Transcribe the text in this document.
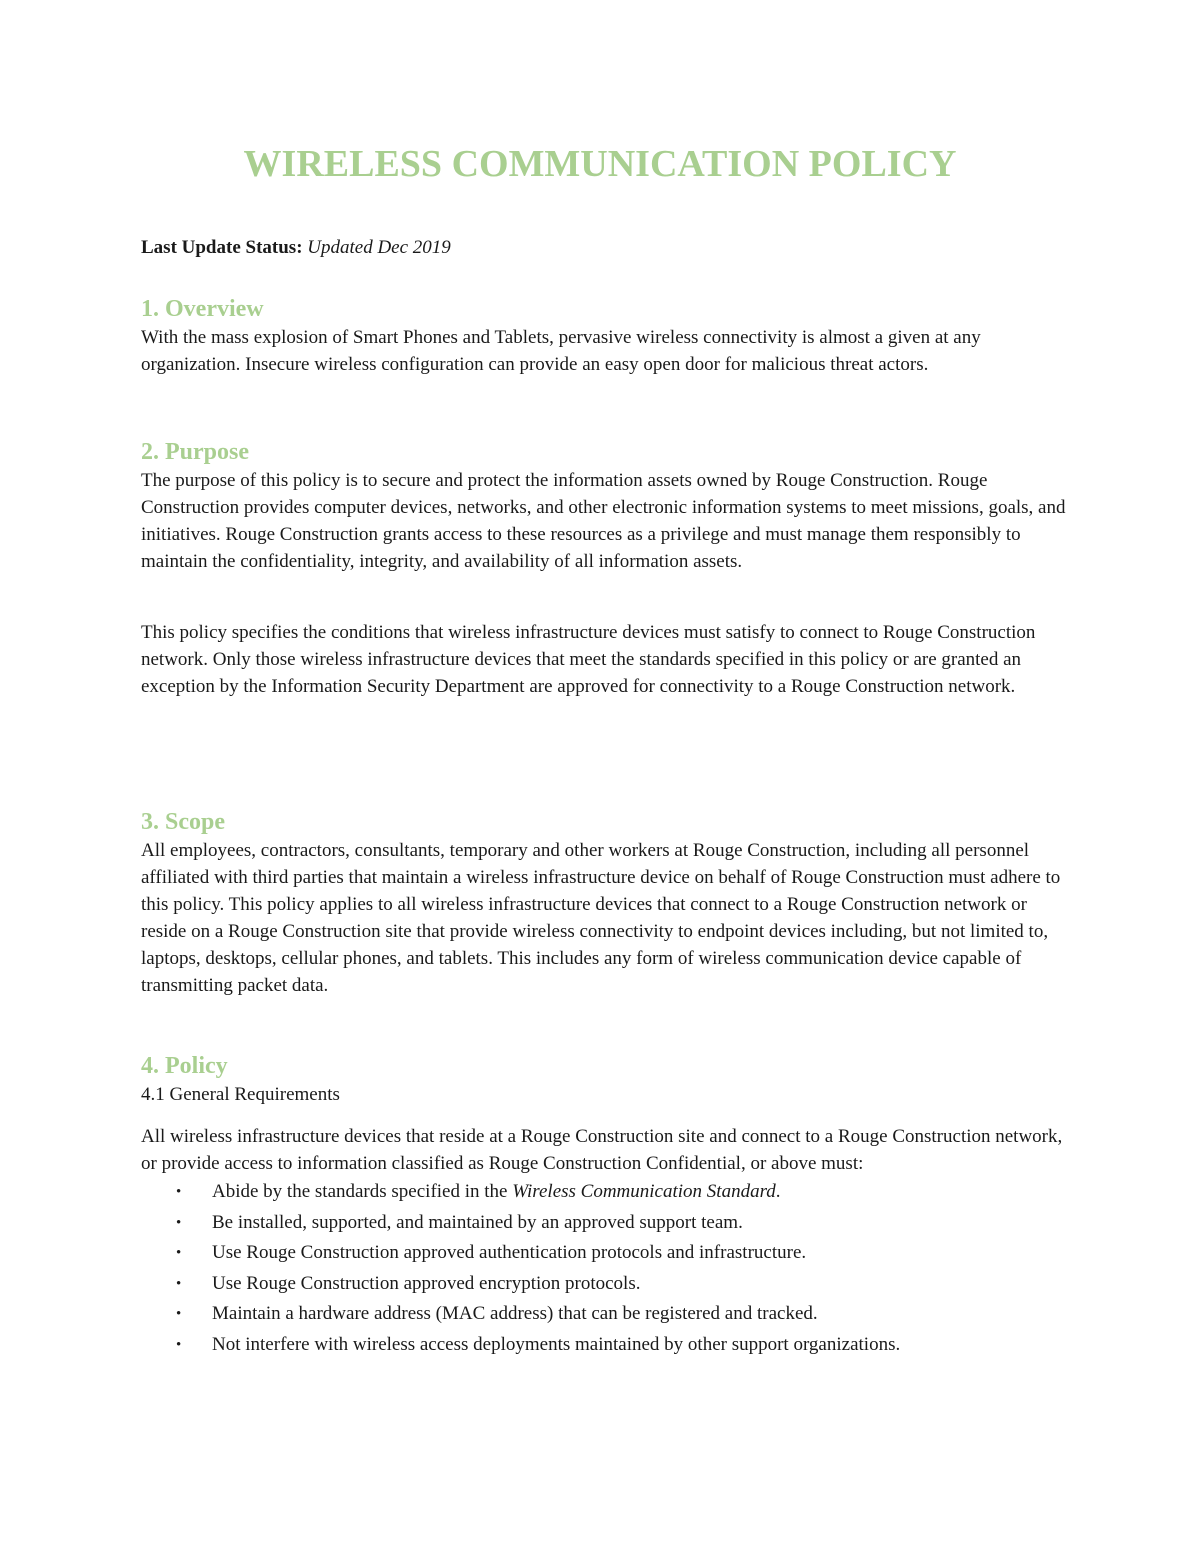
WIRELESS COMMUNICATION POLICY

Last Update Status: Updated Dec 2019

1. Overview

With the mass explosion of Smart Phones and Tablets, pervasive wireless connectivity is almost a given at any organization. Insecure wireless configuration can provide an easy open door for malicious threat actors.

2. Purpose

The purpose of this policy is to secure and protect the information assets owned by Rouge Construction. Rouge Construction provides computer devices, networks, and other electronic information systems to meet missions, goals, and initiatives. Rouge Construction grants access to these resources as a privilege and must manage them responsibly to maintain the confidentiality, integrity, and availability of all information assets.

This policy specifies the conditions that wireless infrastructure devices must satisfy to connect to Rouge Construction network. Only those wireless infrastructure devices that meet the standards specified in this policy or are granted an exception by the Information Security Department are approved for connectivity to a Rouge Construction network.

3. Scope

All employees, contractors, consultants, temporary and other workers at Rouge Construction, including all personnel affiliated with third parties that maintain a wireless infrastructure device on behalf of Rouge Construction must adhere to this policy. This policy applies to all wireless infrastructure devices that connect to a Rouge Construction network or reside on a Rouge Construction site that provide wireless connectivity to endpoint devices including, but not limited to, laptops, desktops, cellular phones, and tablets. This includes any form of wireless communication device capable of transmitting packet data.

4. Policy

4.1 General Requirements

All wireless infrastructure devices that reside at a Rouge Construction site and connect to a Rouge Construction network, or provide access to information classified as Rouge Construction Confidential, or above must:

• Abide by the standards specified in the Wireless Communication Standard.
• Be installed, supported, and maintained by an approved support team.
• Use Rouge Construction approved authentication protocols and infrastructure.
• Use Rouge Construction approved encryption protocols.
• Maintain a hardware address (MAC address) that can be registered and tracked.
• Not interfere with wireless access deployments maintained by other support organizations.
